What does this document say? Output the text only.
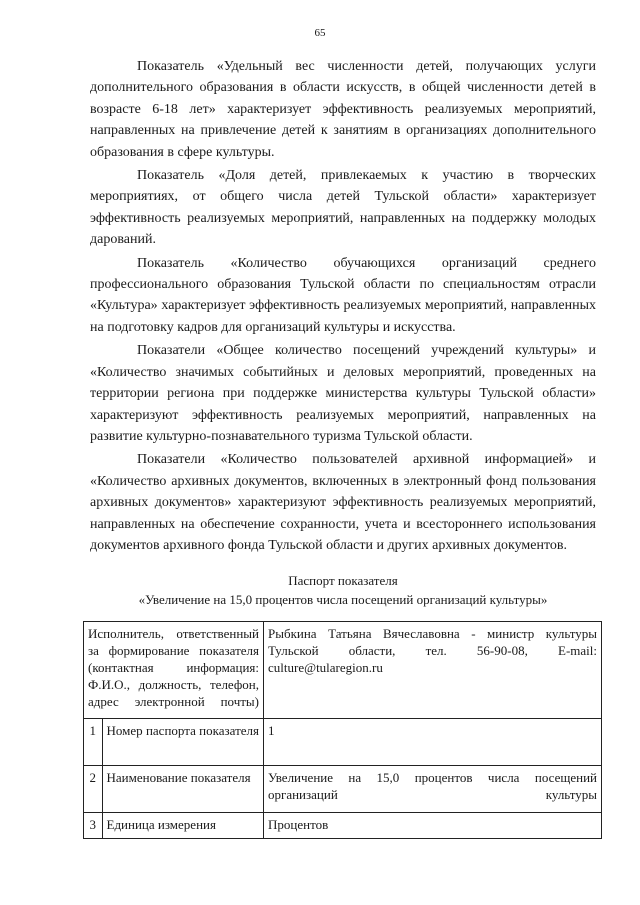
65

Показатель «Удельный вес численности детей, получающих услуги дополнительного образования в области искусств, в общей численности детей в возрасте 6-18 лет» характеризует эффективность реализуемых мероприятий, направленных на привлечение детей к занятиям в организациях дополнительного образования в сфере культуры.

Показатель «Доля детей, привлекаемых к участию в творческих мероприятиях, от общего числа детей Тульской области» характеризует эффективность реализуемых мероприятий, направленных на поддержку молодых дарований.

Показатель «Количество обучающихся организаций среднего профессионального образования Тульской области по специальностям отрасли «Культура» характеризует эффективность реализуемых мероприятий, направленных на подготовку кадров для организаций культуры и искусства.

Показатели «Общее количество посещений учреждений культуры» и «Количество значимых событийных и деловых мероприятий, проведенных на территории региона при поддержке министерства культуры Тульской области» характеризуют эффективность реализуемых мероприятий, направленных на развитие культурно-познавательного туризма Тульской области.

Показатели «Количество пользователей архивной информацией» и «Количество архивных документов, включенных в электронный фонд пользования архивных документов» характеризуют эффективность реализуемых мероприятий, направленных на обеспечение сохранности, учета и всестороннего использования документов архивного фонда Тульской области и других архивных документов.

Паспорт показателя
«Увеличение на 15,0 процентов числа посещений организаций культуры»
Исполнитель, ответственный за формирование показателя (контактная информация: Ф.И.О., должность, телефон, адрес электронной почты)		Рыбкина Татьяна Вячеславовна - министр культуры Тульской области, тел. 56-90-08, E-mail: culture@tularegion.ru
1	Номер паспорта показателя	1
2	Наименование показателя	Увеличение на 15,0 процентов числа посещений организаций культуры
3	Единица измерения	Процентов
